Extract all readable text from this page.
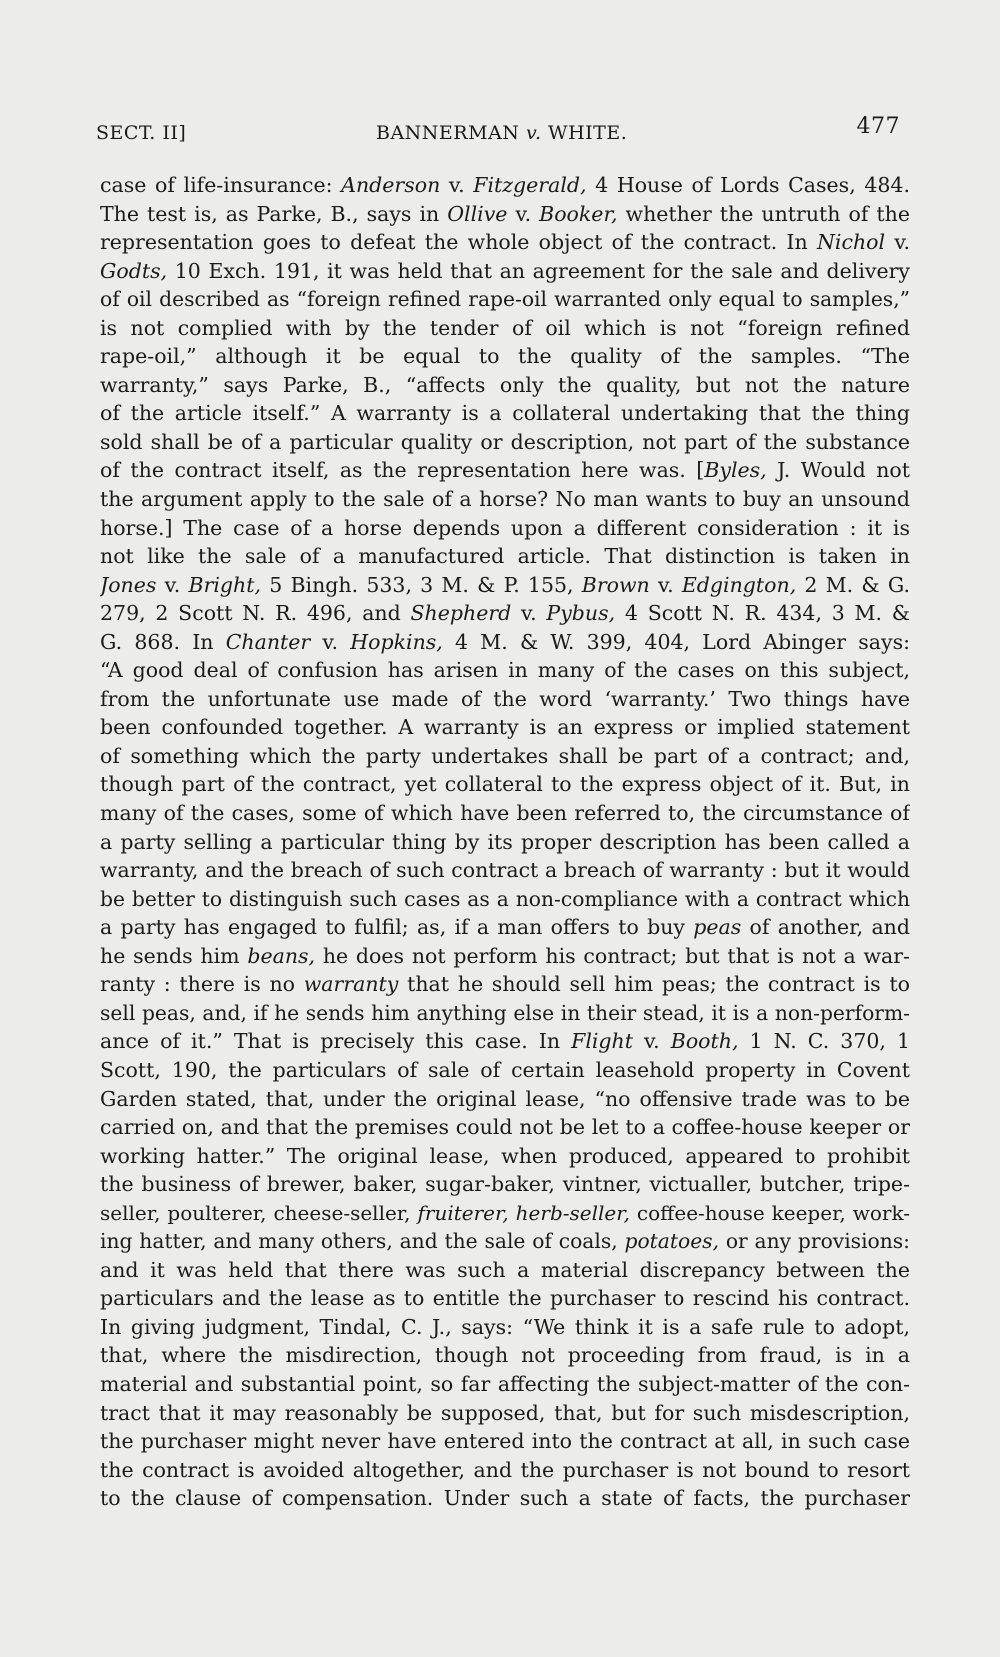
SECT. II]	BANNERMAN v. WHITE.	477
case of life-insurance: Anderson v. Fitzgerald, 4 House of Lords Cases, 484.
The test is, as Parke, B., says in Ollive v. Booker, whether the untruth of the
representation goes to defeat the whole object of the contract. In Nichol v.
Godts, 10 Exch. 191, it was held that an agreement for the sale and delivery
of oil described as “foreign refined rape-oil warranted only equal to samples,”
is not complied with by the tender of oil which is not “foreign refined
rape-oil,” although it be equal to the quality of the samples. “The
warranty,” says Parke, B., “affects only the quality, but not the nature
of the article itself.” A warranty is a collateral undertaking that the thing
sold shall be of a particular quality or description, not part of the substance
of the contract itself, as the representation here was. [Byles, J. Would not
the argument apply to the sale of a horse? No man wants to buy an unsound
horse.] The case of a horse depends upon a different consideration : it is
not like the sale of a manufactured article. That distinction is taken in
Jones v. Bright, 5 Bingh. 533, 3 M. & P. 155, Brown v. Edgington, 2 M. & G.
279, 2 Scott N. R. 496, and Shepherd v. Pybus, 4 Scott N. R. 434, 3 M. &
G. 868. In Chanter v. Hopkins, 4 M. & W. 399, 404, Lord Abinger says:
“A good deal of confusion has arisen in many of the cases on this subject,
from the unfortunate use made of the word ‘warranty.’ Two things have
been confounded together. A warranty is an express or implied statement
of something which the party undertakes shall be part of a contract; and,
though part of the contract, yet collateral to the express object of it. But, in
many of the cases, some of which have been referred to, the circumstance of
a party selling a particular thing by its proper description has been called a
warranty, and the breach of such contract a breach of warranty : but it would
be better to distinguish such cases as a non-compliance with a contract which
a party has engaged to fulfil; as, if a man offers to buy peas of another, and
he sends him beans, he does not perform his contract; but that is not a war-
ranty : there is no warranty that he should sell him peas; the contract is to
sell peas, and, if he sends him anything else in their stead, it is a non-perform-
ance of it.” That is precisely this case. In Flight v. Booth, 1 N. C. 370, 1
Scott, 190, the particulars of sale of certain leasehold property in Covent
Garden stated, that, under the original lease, “no offensive trade was to be
carried on, and that the premises could not be let to a coffee-house keeper or
working hatter.” The original lease, when produced, appeared to prohibit
the business of brewer, baker, sugar-baker, vintner, victualler, butcher, tripe-
seller, poulterer, cheese-seller, fruiterer, herb-seller, coffee-house keeper, work-
ing hatter, and many others, and the sale of coals, potatoes, or any provisions:
and it was held that there was such a material discrepancy between the
particulars and the lease as to entitle the purchaser to rescind his contract.
In giving judgment, Tindal, C. J., says: “We think it is a safe rule to adopt,
that, where the misdirection, though not proceeding from fraud, is in a
material and substantial point, so far affecting the subject-matter of the con-
tract that it may reasonably be supposed, that, but for such misdescription,
the purchaser might never have entered into the contract at all, in such case
the contract is avoided altogether, and the purchaser is not bound to resort
to the clause of compensation. Under such a state of facts, the purchaser
